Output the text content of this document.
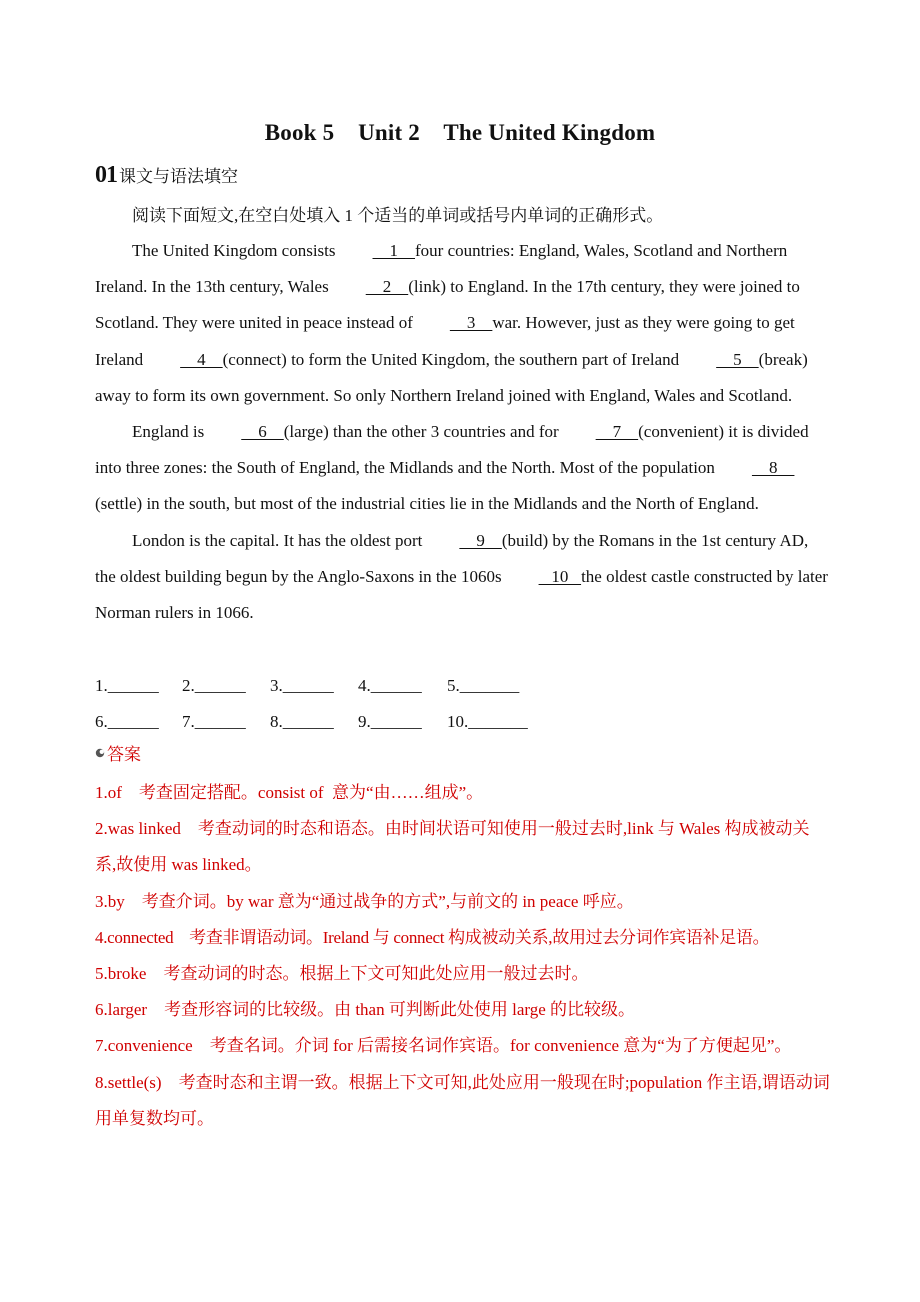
Book 5    Unit 2    The United Kingdom
01 课文与语法填空
阅读下面短文,在空白处填入 1 个适当的单词或括号内单词的正确形式。

The United Kingdom consists    1    four countries: England, Wales, Scotland and Northern Ireland. In the 13th century, Wales    2    (link) to England. In the 17th century, they were joined to Scotland. They were united in peace instead of    3    war. However, just as they were going to get Ireland    4    (connect) to form the United Kingdom, the southern part of Ireland    5    (break) away to form its own government. So only Northern Ireland joined with England, Wales and Scotland.

England is    6    (large) than the other 3 countries and for    7    (convenient) it is divided into three zones: the South of England, the Midlands and the North. Most of the population    8    (settle) in the south, but most of the industrial cities lie in the Midlands and the North of England.

London is the capital. It has the oldest port    9    (build) by the Romans in the 1st century AD, the oldest building begun by the Anglo-Saxons in the 1060s   10   the oldest castle constructed by later Norman rulers in 1066.

1.______	2.______	3.______	4.______	5._______
6.______	7.______	8.______	9.______	10._______
答案

1.of    考查固定搭配。consist of  意为“由……组成”。

2.was linked    考查动词的时态和语态。由时间状语可知使用一般过去时,link 与 Wales 构成被动关系,故使用 was linked。

3.by    考查介词。by war 意为“通过战争的方式”,与前文的 in peace 呼应。

4.connected    考查非谓语动词。Ireland 与 connect 构成被动关系,故用过去分词作宾语补足语。

5.broke    考查动词的时态。根据上下文可知此处应用一般过去时。

6.larger    考查形容词的比较级。由 than 可判断此处使用 large 的比较级。

7.convenience    考查名词。介词 for 后需接名词作宾语。for convenience 意为“为了方便起见”。

8.settle(s)    考查时态和主谓一致。根据上下文可知,此处应用一般现在时;population 作主语,谓语动词用单复数均可。
